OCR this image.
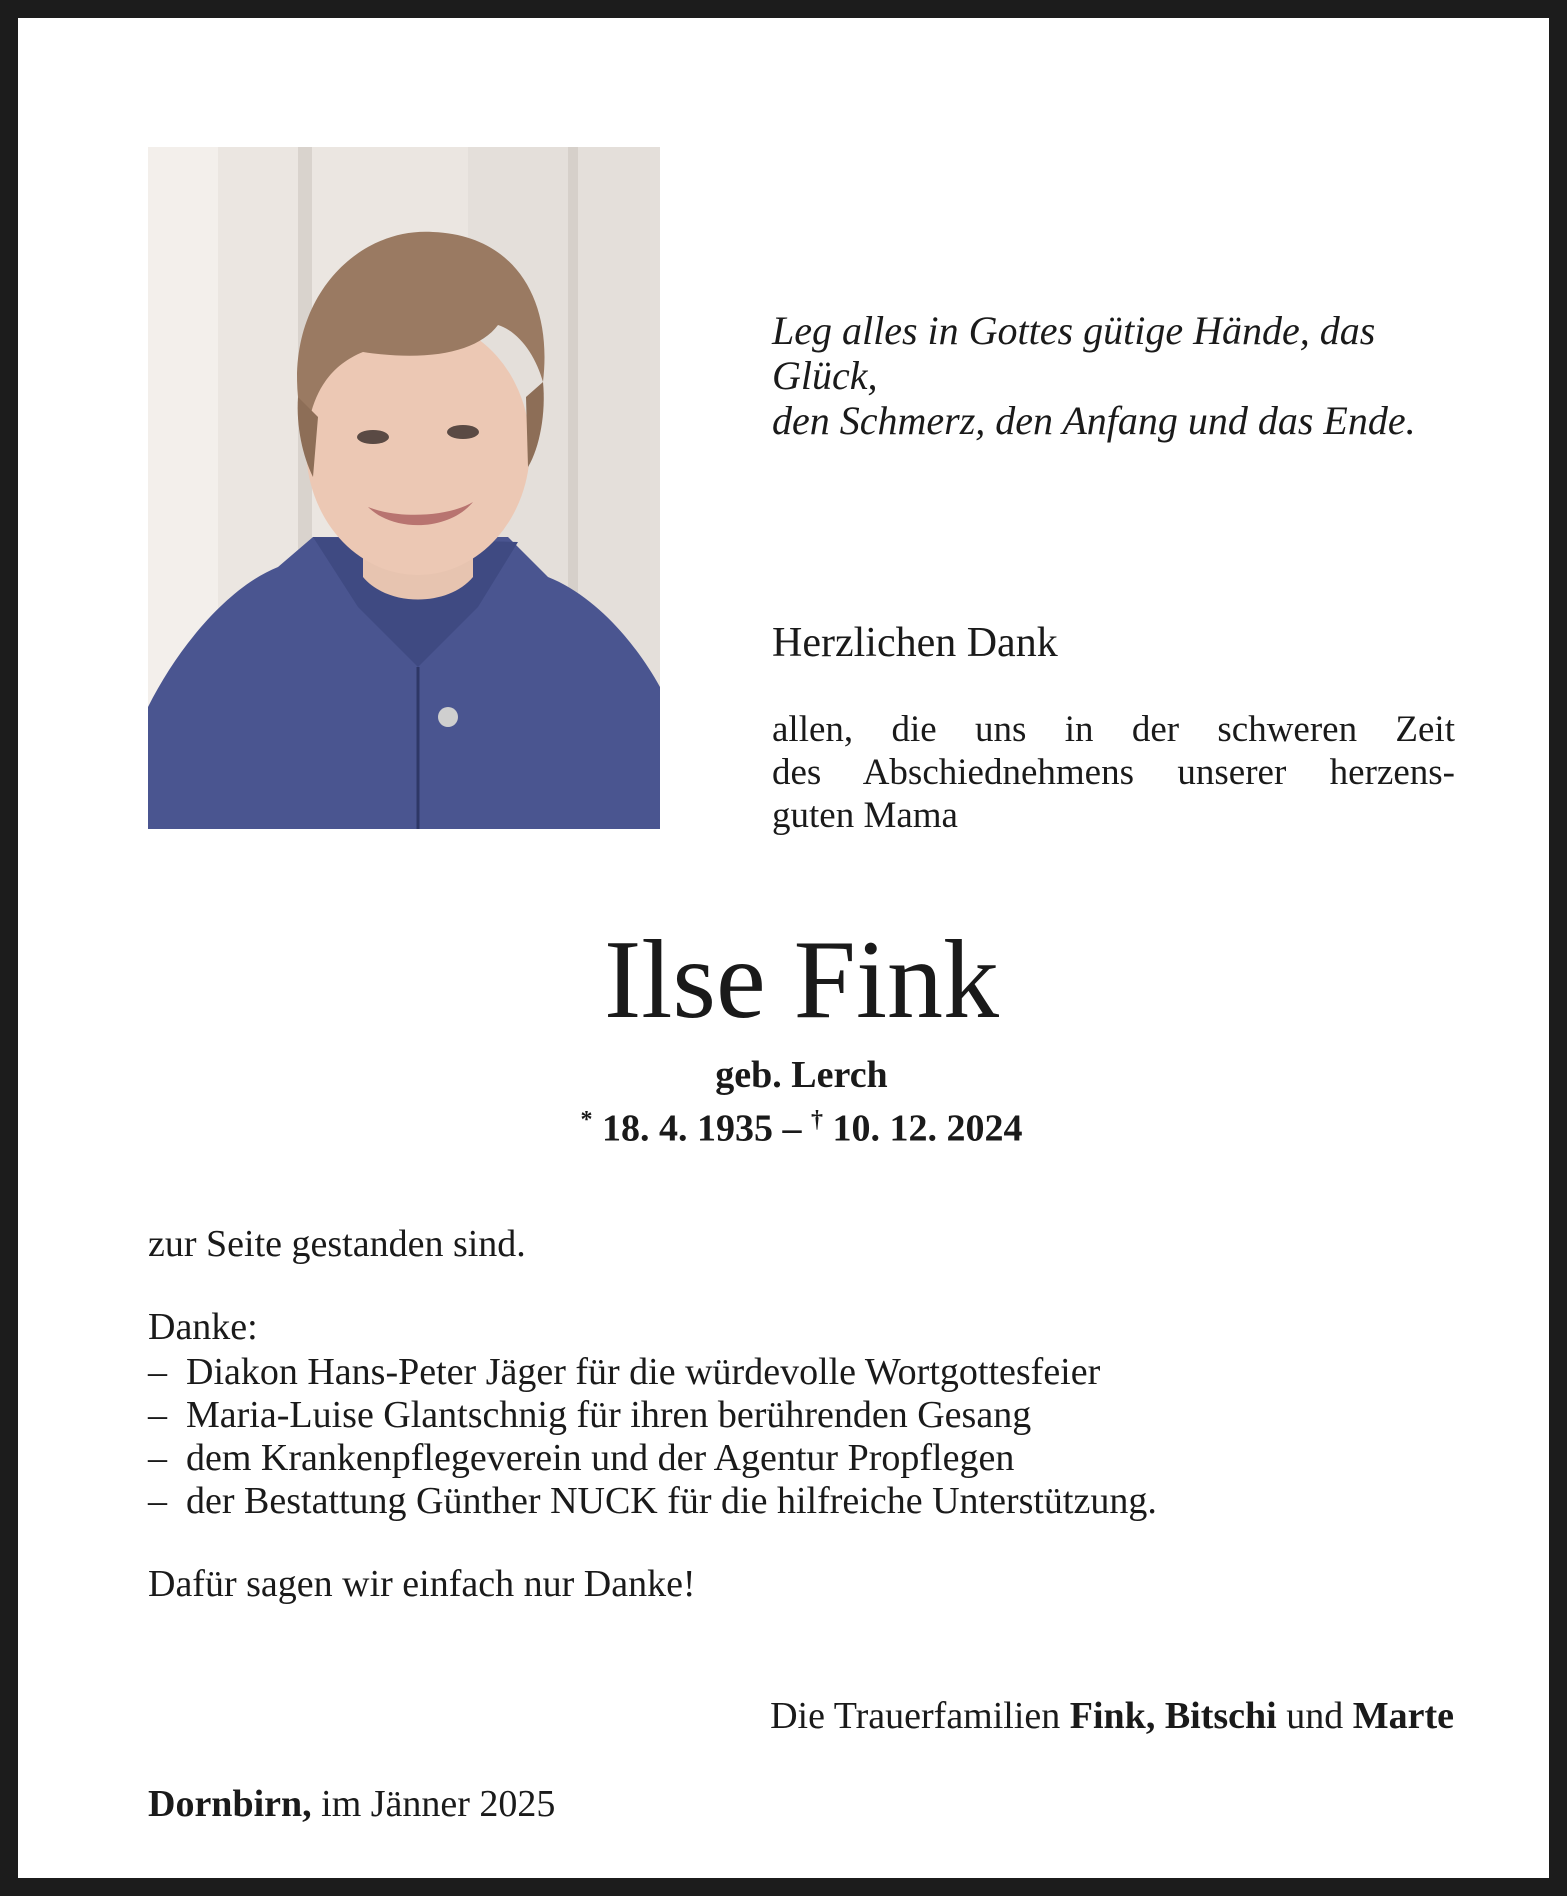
Leg alles in Gottes gütige Hände, das Glück,
den Schmerz, den Anfang und das Ende.
Herzlichen Dank
allen, die uns in der schweren Zeit
des Abschiednehmens unserer herzens-
guten Mama
Ilse Fink
geb. Lerch
* 18. 4. 1935 – † 10. 12. 2024

zur Seite gestanden sind.

Danke:

– Diakon Hans-Peter Jäger für die würdevolle Wortgottesfeier
– Maria-Luise Glantschnig für ihren berührenden Gesang
– dem Krankenpflegeverein und der Agentur Propflegen
– der Bestattung Günther NUCK für die hilfreiche Unterstützung.

Dafür sagen wir einfach nur Danke!

Die Trauerfamilien Fink, Bitschi und Marte
Dornbirn, im Jänner 2025
